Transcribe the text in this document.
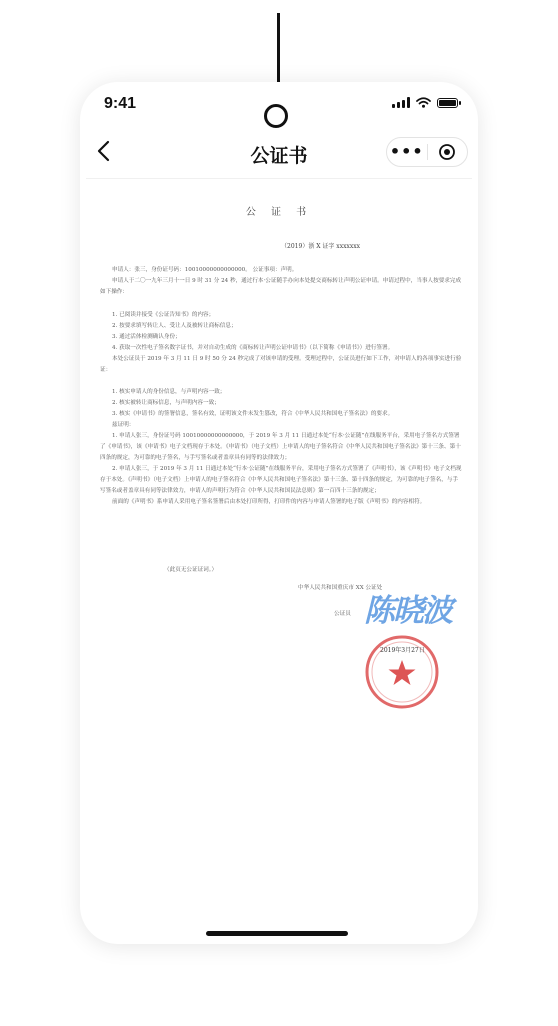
9:41
公证书	•••
公 证 书
（2019）浙 X 证字 xxxxxxx

申请人：张三，身份证号码：10010000000000000。 公证事项：声明。

申请人于二〇一九年三月十一日 9 时 31 分 24 秒，通过行本·公证随手办向本处提交商标转让声明公证申请。申请过程中，当事人按要求完成如下操作：

1. 已阅读并接受《公证告知书》的内容；

2. 按要求填写转让人、受让人及被转让商标信息；

3. 通过活体检测确认身份；

4. 获取一次性电子签名数字证书，并对自动生成的《商标转让声明公证申请书》（以下简称《申请书》）进行签署。

本处公证员于 2019 年 3 月 11 日 9 时 50 分 24 秒完成了对该申请的受理。受理过程中，公证员进行如下工作，对申请人的各项事实进行验证：

1. 核实申请人的身份信息，与声明内容一致；

2. 核实被转让商标信息，与声明内容一致；

3. 核实《申请书》的签署信息，签名有效，证明该文件未发生篡改，符合《中华人民共和国电子签名法》的要求。

兹证明：

1. 申请人张三，身份证号码 10010000000000000，于 2019 年 3 月 11 日通过本处“行本·公证随”在线服务平台，采用电子签名方式签署了《申请书》，该《申请书》电子文档现存于本处。《申请书》（电子文档）上申请人的电子签名符合《中华人民共和国电子签名法》第十三条、第十四条的规定，为可靠的电子签名，与手写签名或者盖章具有同等的法律效力；

2. 申请人张三，于 2019 年 3 月 11 日通过本处“行本·公证随”在线服务平台，采用电子签名方式签署了《声明书》，该《声明书》电子文档现存于本处。《声明书》（电子文档）上申请人的电子签名符合《中华人民共和国电子签名法》第十三条、第十四条的规定，为可靠的电子签名，与手写签名或者盖章具有同等法律效力，申请人的声明行为符合《中华人民共和国民法总则》第一百四十三条的规定；

前面的《声明书》系申请人采用电子签名签署后由本处打印所得，打印件的内容与申请人签署的电子版《声明书》的内容相符。

（此页无公证证词。）
中华人民共和国重庆市 XX 公证处
公证员 陈晓波
2019年3月27日
